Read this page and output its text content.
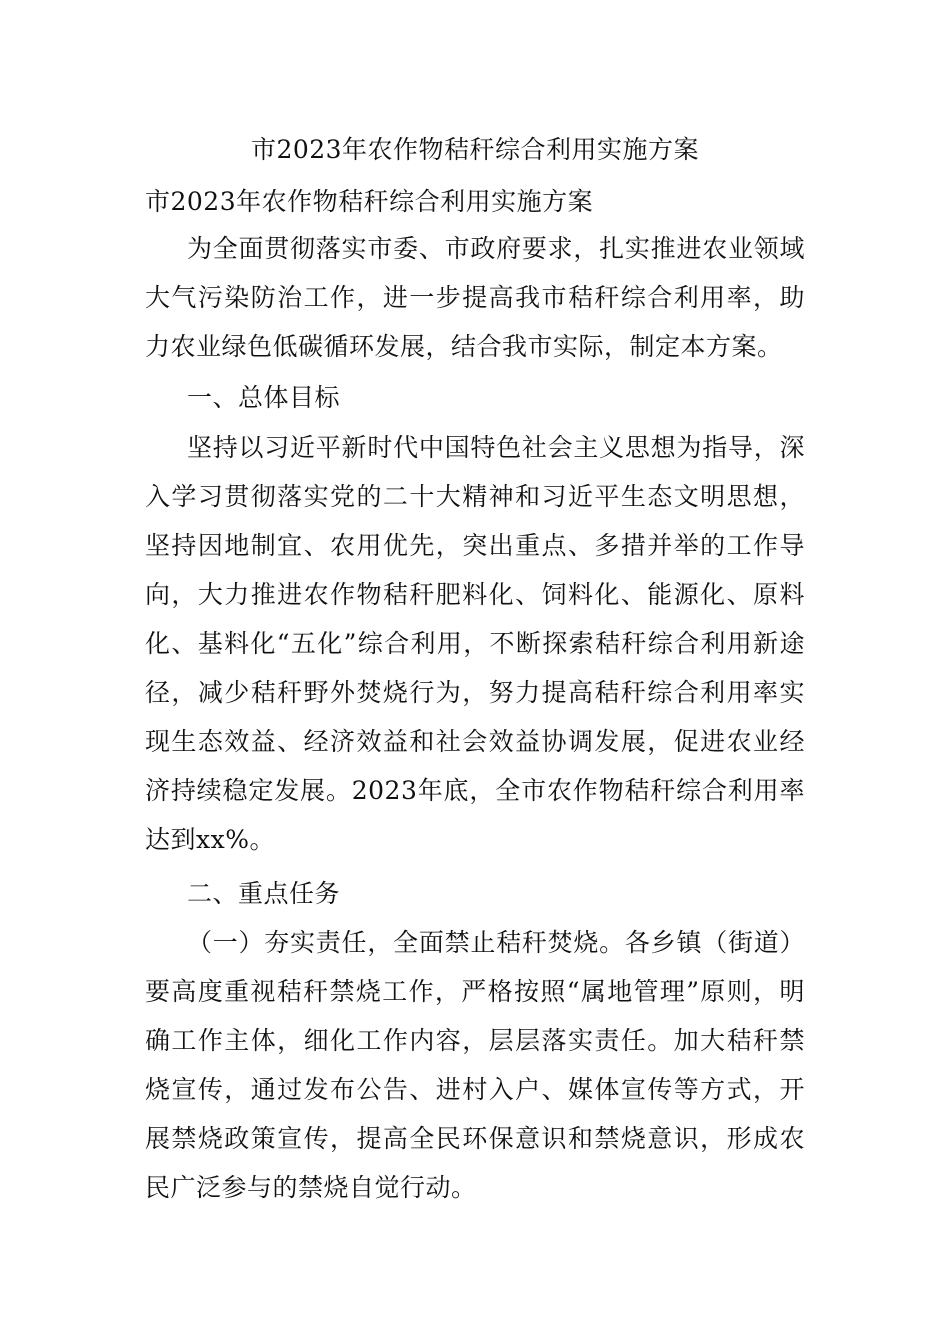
市2023年农作物秸秆综合利用实施方案

市2023年农作物秸秆综合利用实施方案

为全面贯彻落实市委、市政府要求，扎实推进农业领域大气污染防治工作，进一步提高我市秸秆综合利用率，助力农业绿色低碳循环发展，结合我市实际，制定本方案。

一、总体目标

坚持以习近平新时代中国特色社会主义思想为指导，深入学习贯彻落实党的二十大精神和习近平生态文明思想，坚持因地制宜、农用优先，突出重点、多措并举的工作导向，大力推进农作物秸秆肥料化、饲料化、能源化、原料化、基料化“五化”综合利用，不断探索秸秆综合利用新途径，减少秸秆野外焚烧行为，努力提高秸秆综合利用率实现生态效益、经济效益和社会效益协调发展，促进农业经济持续稳定发展。2023年底，全市农作物秸秆综合利用率达到xx%。

二、重点任务

（一）夯实责任，全面禁止秸秆焚烧。各乡镇（街道）要高度重视秸秆禁烧工作，严格按照“属地管理”原则，明确工作主体，细化工作内容，层层落实责任。加大秸秆禁烧宣传，通过发布公告、进村入户、媒体宣传等方式，开展禁烧政策宣传，提高全民环保意识和禁烧意识，形成农民广泛参与的禁烧自觉行动。
